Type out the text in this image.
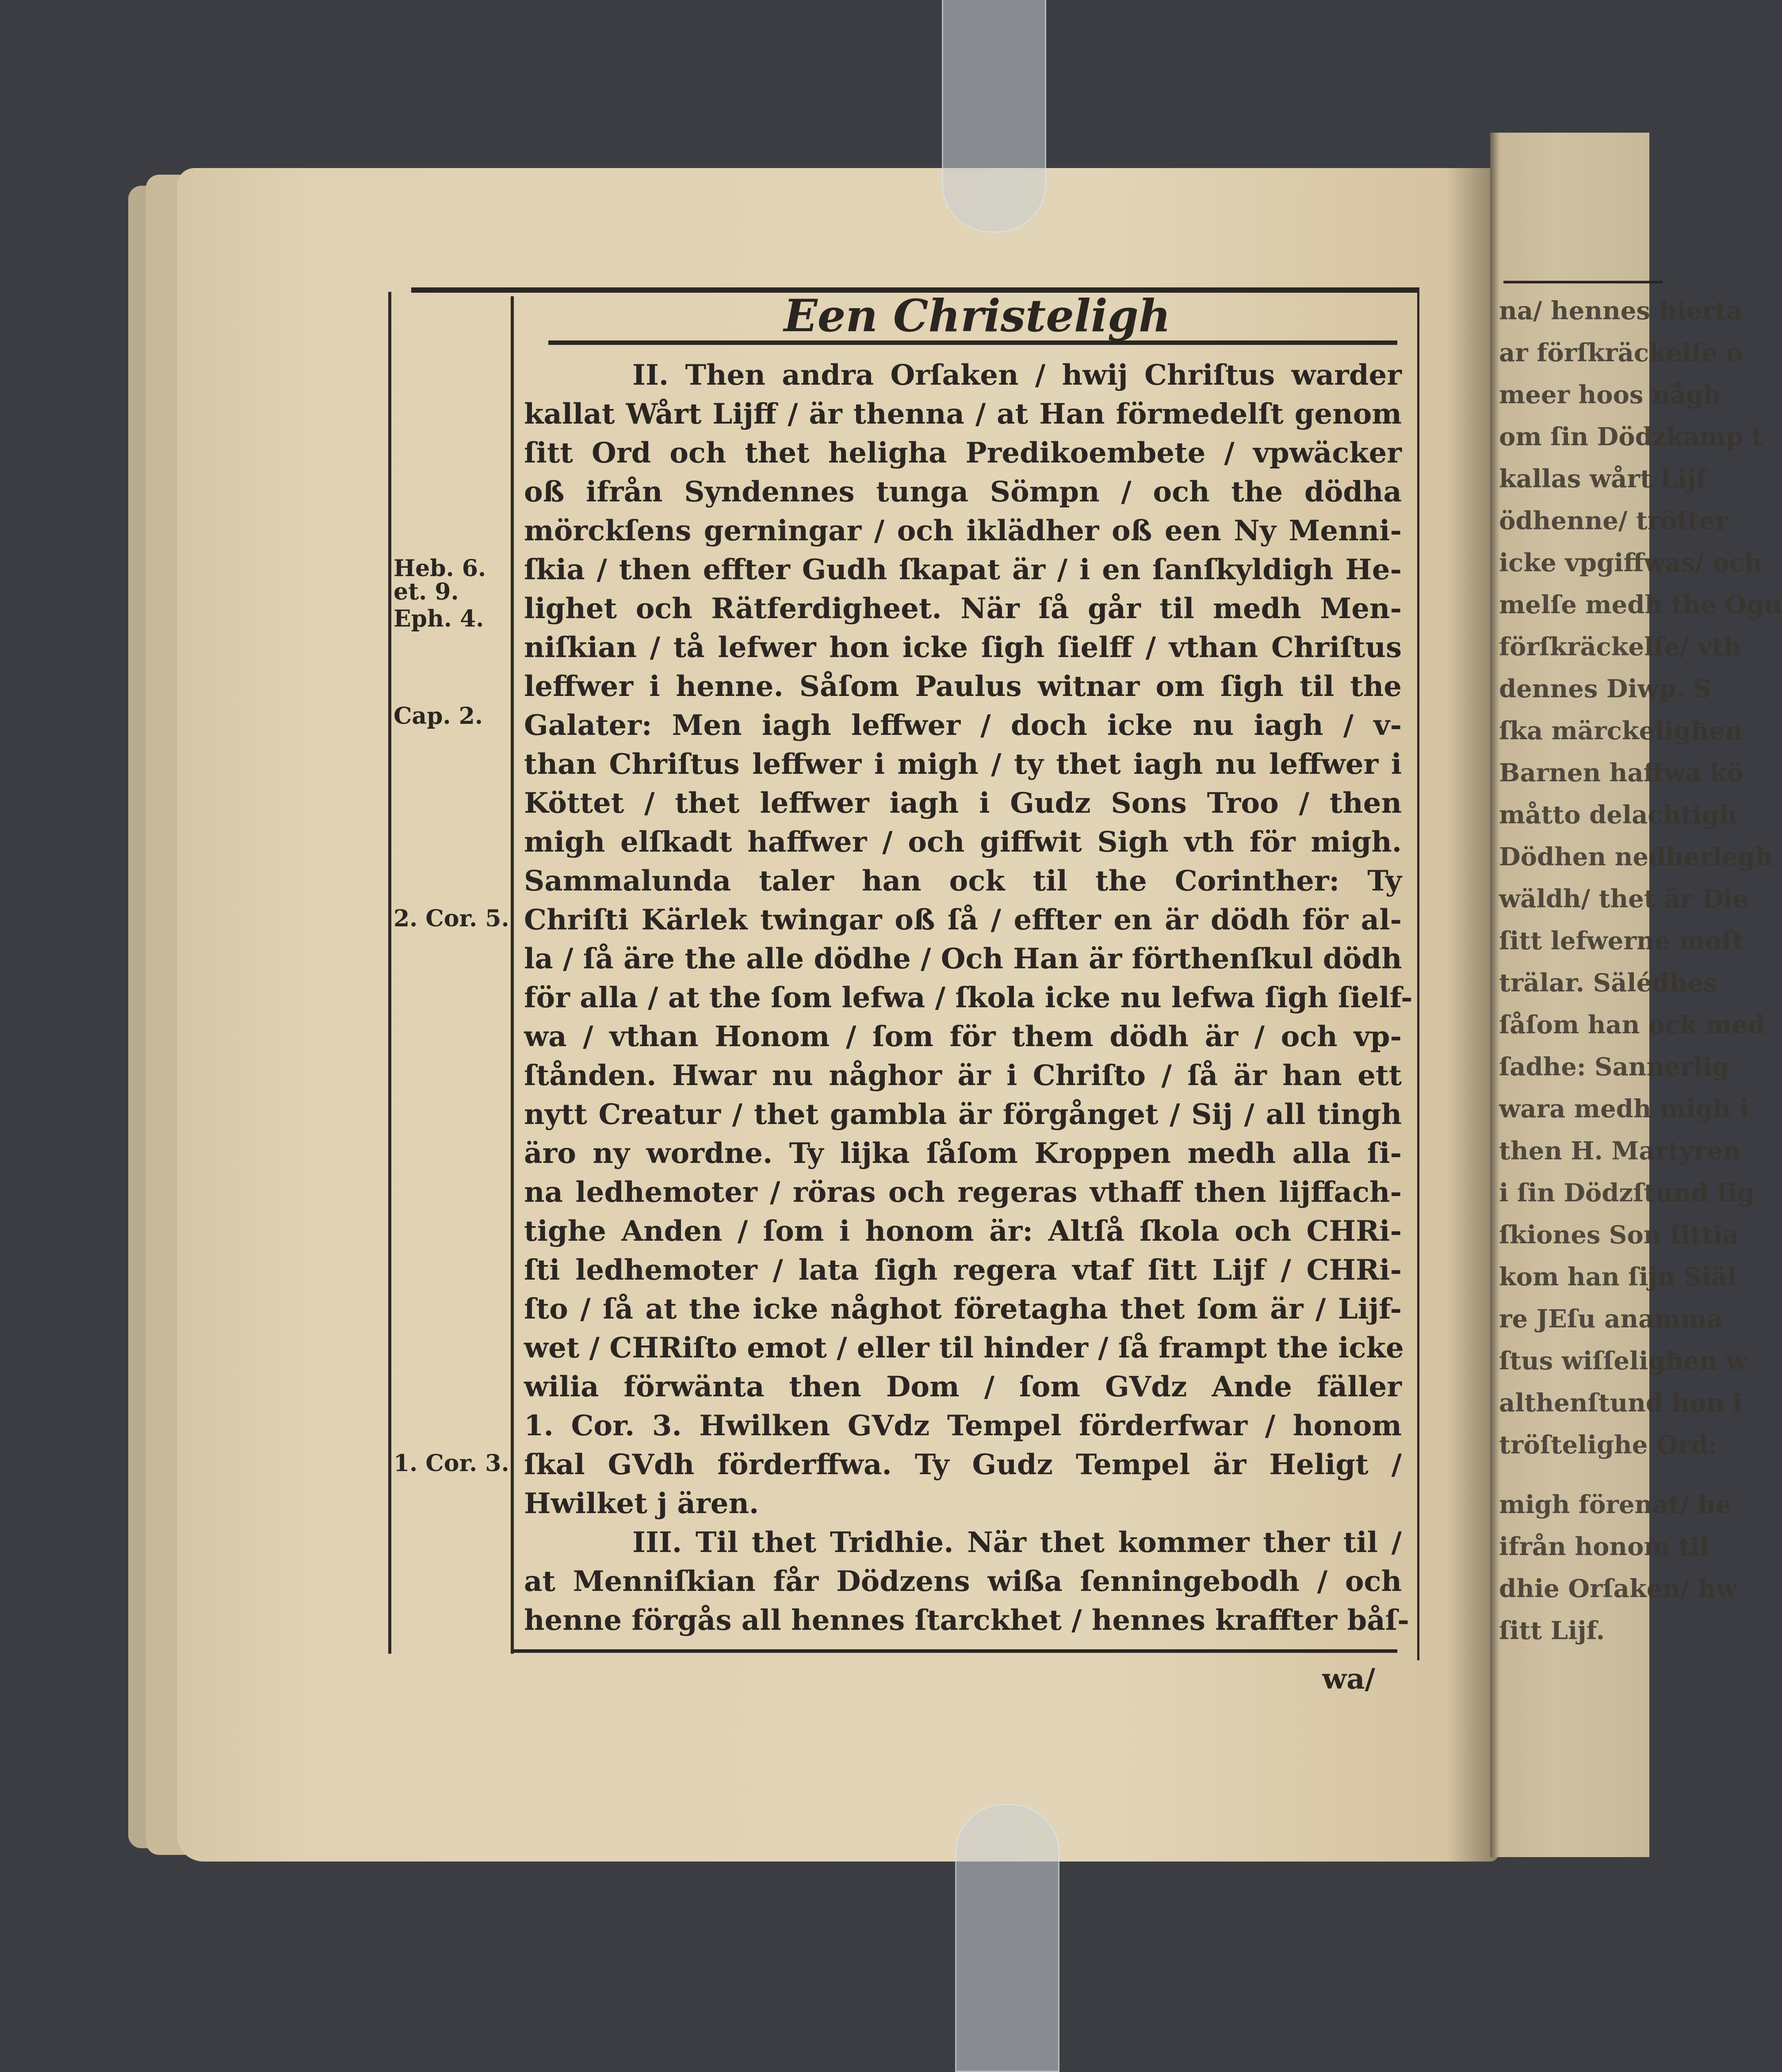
na/ hennes hierta
ar förſkräckelſe o
meer hoos någh
om ſin Dödzkamp t
kallas wårt Lijf
ödhenne/ tröſter
icke vpgiffwas/ och
melſe medh the Ogu
förſkräckelſe/ vth
dennes Diwp. S
ſka märckeligħen
Barnen haffwa kö
måtto delachtigh
Dödhen nedherlegh
wäldh/ thet är Die
ſitt lefwerne moſt
trälar. Sälédhes
ſåſom han ock med
ſadhe: Sannerlig
wara medh migh i
then H. Martyren
i ſin Dödzſtund ſig
ſkiones Son ſittia
kom han ſijn Siäl
re JEſu anamma
ſtus wiſſeligħen w
althenſtund hon i
tröſtelighe Ord:
migh förenat/ he
ifrån honom til
dhie Orſaken/ hw
ſitt Lijf.
Een Christeligh
II. Then andra Orſaken / hwij Chriſtus warder
kallat Wårt Lijff / är thenna / at Han förmedelſt genom
ſitt Ord och thet heligha Predikoembete / vpwäcker
oß ifrån Syndennes tunga Sömpn / och the dödha
mörckſens gerningar / och iklädher oß een Ny Menni-
ſkia / then effter Gudh ſkapat är / i en ſanſkyldigh He-
lighet och Rätferdigheet. När ſå går til medh Men-
niſkian / tå lefwer hon icke ſigh ſielff / vthan Chriſtus
leffwer i henne. Såſom Paulus witnar om ſigh til the
Galater: Men iagh leffwer / doch icke nu iagh / v-
than Chriſtus leffwer i migh / ty thet iagh nu leffwer i
Köttet / thet leffwer iagh i Gudz Sons Troo / then
migh elſkadt haffwer / och giffwit Sigh vth för migh.
Sammalunda taler han ock til the Corinther: Ty
Chriſti Kärlek twingar oß ſå / effter en är dödh för al-
la / ſå äre the alle dödhe / Och Han är förthenſkul dödh
för alla / at the ſom lefwa / ſkola icke nu lefwa ſigh ſielf-
wa / vthan Honom / ſom för them dödh är / och vp-
ſtånden. Hwar nu någhor är i Chriſto / ſå är han ett
nytt Creatur / thet gambla är förgånget / Sij / all tingh
äro ny wordne. Ty lijka ſåſom Kroppen medh alla ſi-
na ledhemoter / röras och regeras vthaff then lijffach-
tighe Anden / ſom i honom är: Altſå ſkola och CHRi-
ſti ledhemoter / lata ſigh regera vtaf ſitt Lijf / CHRi-
ſto / ſå at the icke någhot företagha thet ſom är / Lijf-
wet / CHRiſto emot / eller til hinder / ſå frampt the icke
wilia förwänta then Dom / ſom GVdz Ande fäller
1. Cor. 3. Hwilken GVdz Tempel förderfwar / honom
ſkal GVdh förderffwa. Ty Gudz Tempel är Heligt /
Hwilket j ären.
III. Til thet Tridhie. När thet kommer ther til /
at Menniſkian får Dödzens wißa ſenningebodh / och
henne förgås all hennes ſtarckhet / hennes kraffter båſ-
Heb. 6.
et. 9.
Eph. 4.
Cap. 2.
2. Cor. 5.
1. Cor. 3.
wa/
